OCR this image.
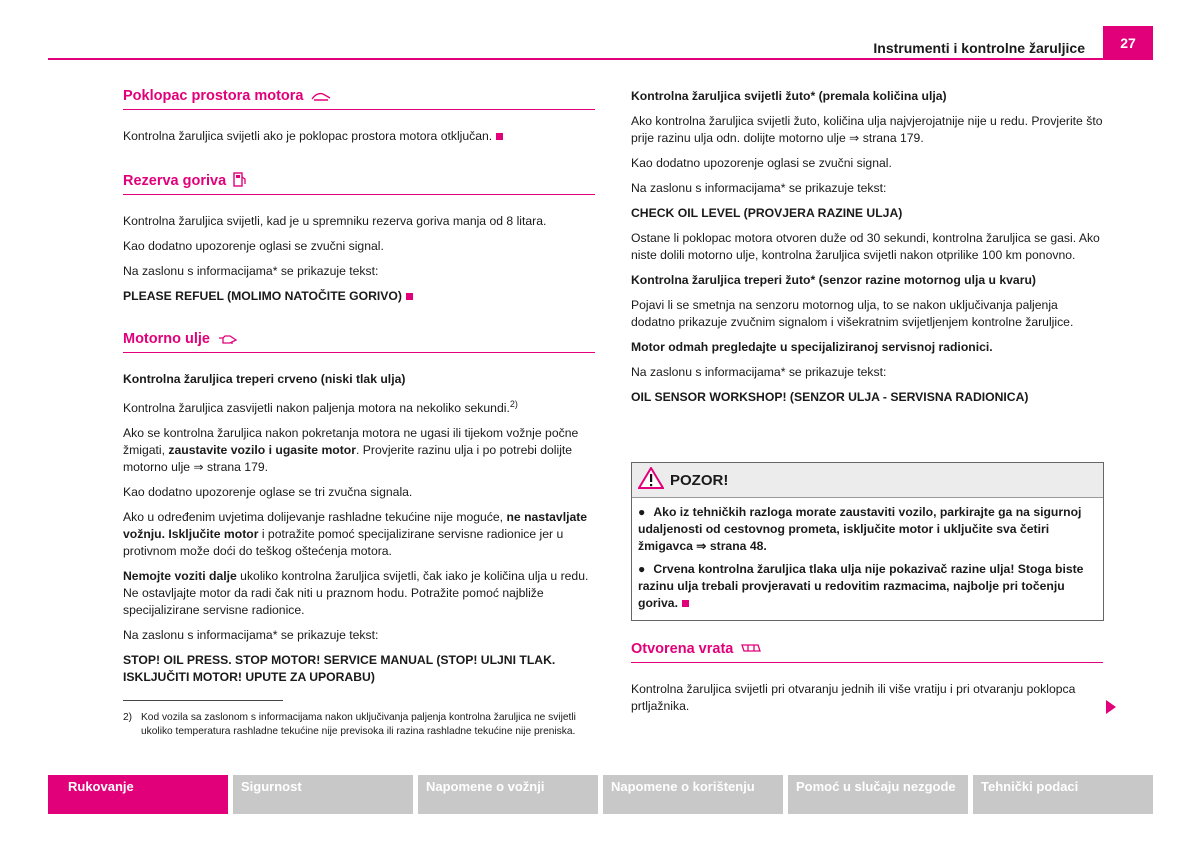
Instrumenti i kontrolne žaruljice	27
Poklopac prostora motora

Kontrolna žaruljica svijetli ako je poklopac prostora motora otključan.

Rezerva goriva

Kontrolna žaruljica svijetli, kad je u spremniku rezerva goriva manja od 8 litara.

Kao dodatno upozorenje oglasi se zvučni signal.

Na zaslonu s informacijama* se prikazuje tekst:

PLEASE REFUEL (MOLIMO NATOČITE GORIVO)

Motorno ulje

Kontrolna žaruljica treperi crveno (niski tlak ulja)

Kontrolna žaruljica zasvijetli nakon paljenja motora na nekoliko sekundi.$^{2)}$

Ako se kontrolna žaruljica nakon pokretanja motora ne ugasi ili tijekom vožnje počne žmigati, zaustavite vozilo i ugasite motor. Provjerite razinu ulja i po potrebi dolijte motorno ulje ⇒ strana 179.

Kao dodatno upozorenje oglase se tri zvučna signala.

Ako u određenim uvjetima dolijevanje rashladne tekućine nije moguće, ne nastavljate vožnju. Isključite motor i potražite pomoć specijalizirane servisne radionice jer u protivnom može doći do teškog oštećenja motora.

Nemojte voziti dalje ukoliko kontrolna žaruljica svijetli, čak iako je količina ulja u redu. Ne ostavljajte motor da radi čak niti u praznom hodu. Potražite pomoć najbliže specijalizirane servisne radionice.

Na zaslonu s informacijama* se prikazuje tekst:

STOP! OIL PRESS. STOP MOTOR! SERVICE MANUAL (STOP! ULJNI TLAK. ISKLJUČITI MOTOR! UPUTE ZA UPORABU)

2) Kod vozila sa zaslonom s informacijama nakon uključivanja paljenja kontrolna žaruljica ne svijetli ukoliko temperatura rashladne tekućine nije previsoka ili razina rashladne tekućine nije preniska.

Kontrolna žaruljica svijetli žuto* (premala količina ulja)

Ako kontrolna žaruljica svijetli žuto, količina ulja najvjerojatnije nije u redu. Provjerite što prije razinu ulja odn. dolijte motorno ulje ⇒ strana 179.

Kao dodatno upozorenje oglasi se zvučni signal.

Na zaslonu s informacijama* se prikazuje tekst:

CHECK OIL LEVEL (PROVJERA RAZINE ULJA)

Ostane li poklopac motora otvoren duže od 30 sekundi, kontrolna žaruljica se gasi. Ako niste dolili motorno ulje, kontrolna žaruljica svijetli nakon otprilike 100 km ponovno.

Kontrolna žaruljica treperi žuto* (senzor razine motornog ulja u kvaru)

Pojavi li se smetnja na senzoru motornog ulja, to se nakon uključivanja paljenja dodatno prikazuje zvučnim signalom i višekratnim svijetljenjem kontrolne žaruljice.

Motor odmah pregledajte u specijaliziranoj servisnoj radionici.

Na zaslonu s informacijama* se prikazuje tekst:

OIL SENSOR WORKSHOP! (SENZOR ULJA - SERVISNA RADIONICA)

POZOR!

● Ako iz tehničkih razloga morate zaustaviti vozilo, parkirajte ga na sigurnoj udaljenosti od cestovnog prometa, isključite motor i uključite sva četiri žmigavca ⇒ strana 48.

● Crvena kontrolna žaruljica tlaka ulja nije pokazivač razine ulja! Stoga biste razinu ulja trebali provjeravati u redovitim razmacima, najbolje pri točenju goriva.

Otvorena vrata

Kontrolna žaruljica svijetli pri otvaranju jednih ili više vratiju i pri otvaranju poklopca prtljažnika.

Rukovanje	Sigurnost	Napomene o vožnji	Napomene o korištenju	Pomoć u slučaju nezgode	Tehnički podaci
